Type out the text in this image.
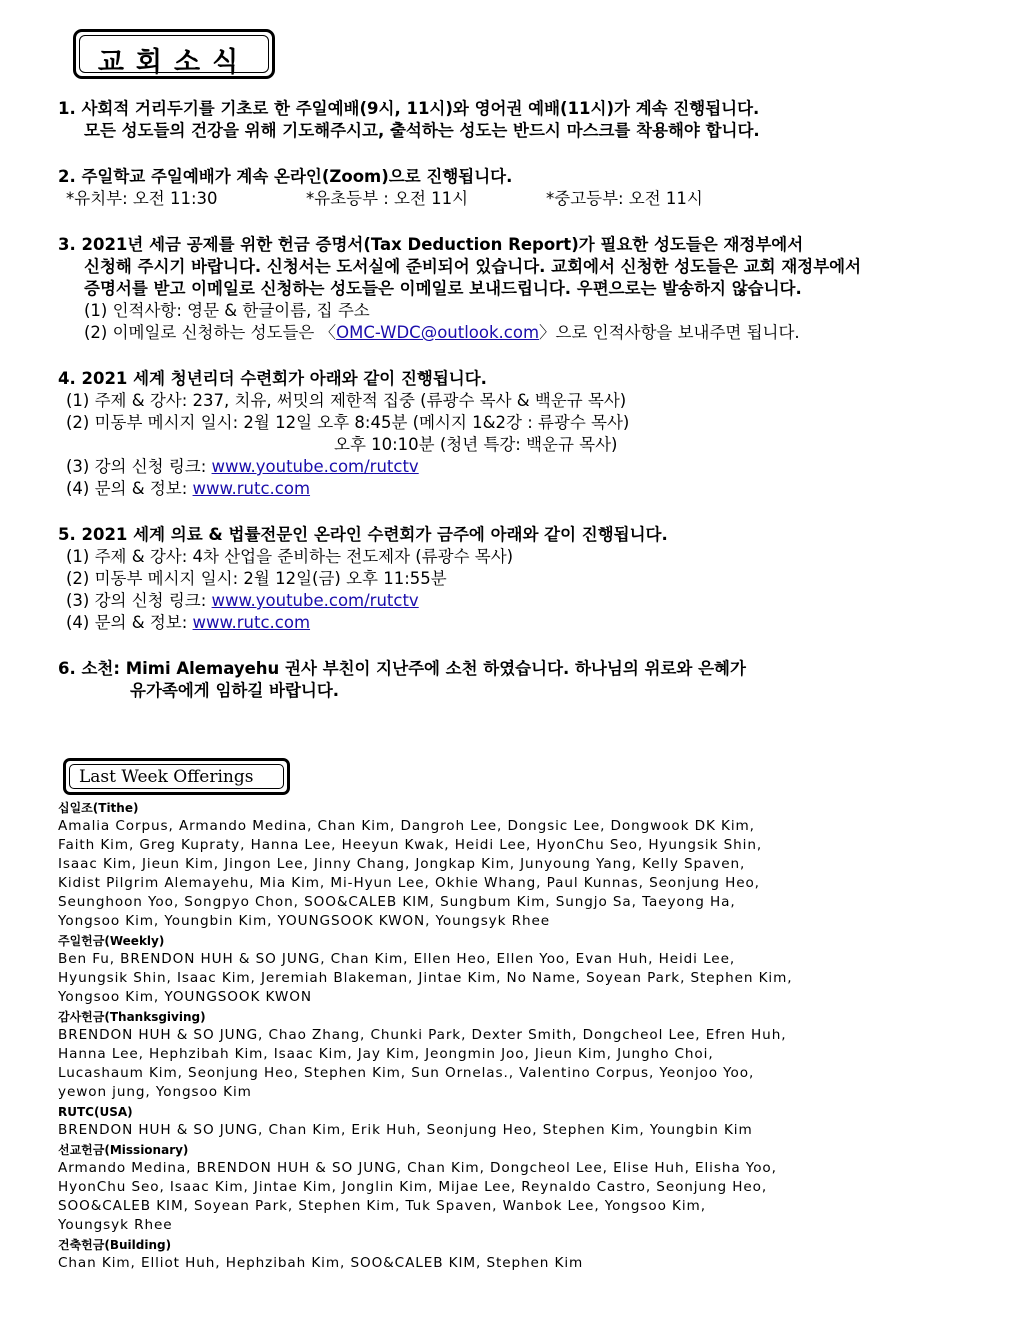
교회소식
1. 사회적 거리두기를 기초로 한 주일예배(9시, 11시)와 영어권 예배(11시)가 계속 진행됩니다.
모든 성도들의 건강을 위해 기도해주시고, 출석하는 성도는 반드시 마스크를 착용해야 합니다.
2. 주일학교 주일예배가 계속 온라인(Zoom)으로 진행됩니다.
*유치부: 오전 11:30	*유초등부 : 오전 11시	*중고등부: 오전 11시
3. 2021년 세금 공제를 위한 헌금 증명서(Tax Deduction Report)가 필요한 성도들은 재정부에서
신청해 주시기 바랍니다. 신청서는 도서실에 준비되어 있습니다. 교회에서 신청한 성도들은 교회 재정부에서
증명서를 받고 이메일로 신청하는 성도들은 이메일로 보내드립니다. 우편으로는 발송하지 않습니다.
(1) 인적사항: 영문 & 한글이름, 집 주소
(2) 이메일로 신청하는 성도들은 〈OMC-WDC@outlook.com〉으로 인적사항을 보내주면 됩니다.
4. 2021 세계 청년리더 수련회가 아래와 같이 진행됩니다.
(1) 주제 & 강사: 237, 치유, 써밋의 제한적 집중 (류광수 목사 & 백운규 목사)
(2) 미동부 메시지 일시: 2월 12일 오후 8:45분 (메시지 1&2강 : 류광수 목사)
오후 10:10분 (청년 특강: 백운규 목사)
(3) 강의 신청 링크: www.youtube.com/rutctv
(4) 문의 & 정보: www.rutc.com
5. 2021 세계 의료 & 법률전문인 온라인 수련회가 금주에 아래와 같이 진행됩니다.
(1) 주제 & 강사: 4차 산업을 준비하는 전도제자 (류광수 목사)
(2) 미동부 메시지 일시: 2월 12일(금) 오후 11:55분
(3) 강의 신청 링크: www.youtube.com/rutctv
(4) 문의 & 정보: www.rutc.com
6. 소천: Mimi Alemayehu 권사 부친이 지난주에 소천 하였습니다. 하나님의 위로와 은혜가
유가족에게 임하길 바랍니다.
Last Week Offerings
십일조(Tithe)
Amalia Corpus, Armando Medina, Chan Kim, Dangroh Lee, Dongsic Lee, Dongwook DK Kim,
Faith Kim, Greg Kupraty, Hanna Lee, Heeyun Kwak, Heidi Lee, HyonChu Seo, Hyungsik Shin,
Isaac Kim, Jieun Kim, Jingon Lee, Jinny Chang, Jongkap Kim, Junyoung Yang, Kelly Spaven,
Kidist Pilgrim Alemayehu, Mia Kim, Mi-Hyun Lee, Okhie Whang, Paul Kunnas, Seonjung Heo,
Seunghoon Yoo, Songpyo Chon, SOO&CALEB KIM, Sungbum Kim, Sungjo Sa, Taeyong Ha,
Yongsoo Kim, Youngbin Kim, YOUNGSOOK KWON, Youngsyk Rhee
주일헌금(Weekly)
Ben Fu, BRENDON HUH & SO JUNG, Chan Kim, Ellen Heo, Ellen Yoo, Evan Huh, Heidi Lee,
Hyungsik Shin, Isaac Kim, Jeremiah Blakeman, Jintae Kim, No Name, Soyean Park, Stephen Kim,
Yongsoo Kim, YOUNGSOOK KWON
감사헌금(Thanksgiving)
BRENDON HUH & SO JUNG, Chao Zhang, Chunki Park, Dexter Smith, Dongcheol Lee, Efren Huh,
Hanna Lee, Hephzibah Kim, Isaac Kim, Jay Kim, Jeongmin Joo, Jieun Kim, Jungho Choi,
Lucashaum Kim, Seonjung Heo, Stephen Kim, Sun Ornelas., Valentino Corpus, Yeonjoo Yoo,
yewon jung, Yongsoo Kim
RUTC(USA)
BRENDON HUH & SO JUNG, Chan Kim, Erik Huh, Seonjung Heo, Stephen Kim, Youngbin Kim
선교헌금(Missionary)
Armando Medina, BRENDON HUH & SO JUNG, Chan Kim, Dongcheol Lee, Elise Huh, Elisha Yoo,
HyonChu Seo, Isaac Kim, Jintae Kim, Jonglin Kim, Mijae Lee, Reynaldo Castro, Seonjung Heo,
SOO&CALEB KIM, Soyean Park, Stephen Kim, Tuk Spaven, Wanbok Lee, Yongsoo Kim,
Youngsyk Rhee
건축헌금(Building)
Chan Kim, Elliot Huh, Hephzibah Kim, SOO&CALEB KIM, Stephen Kim
